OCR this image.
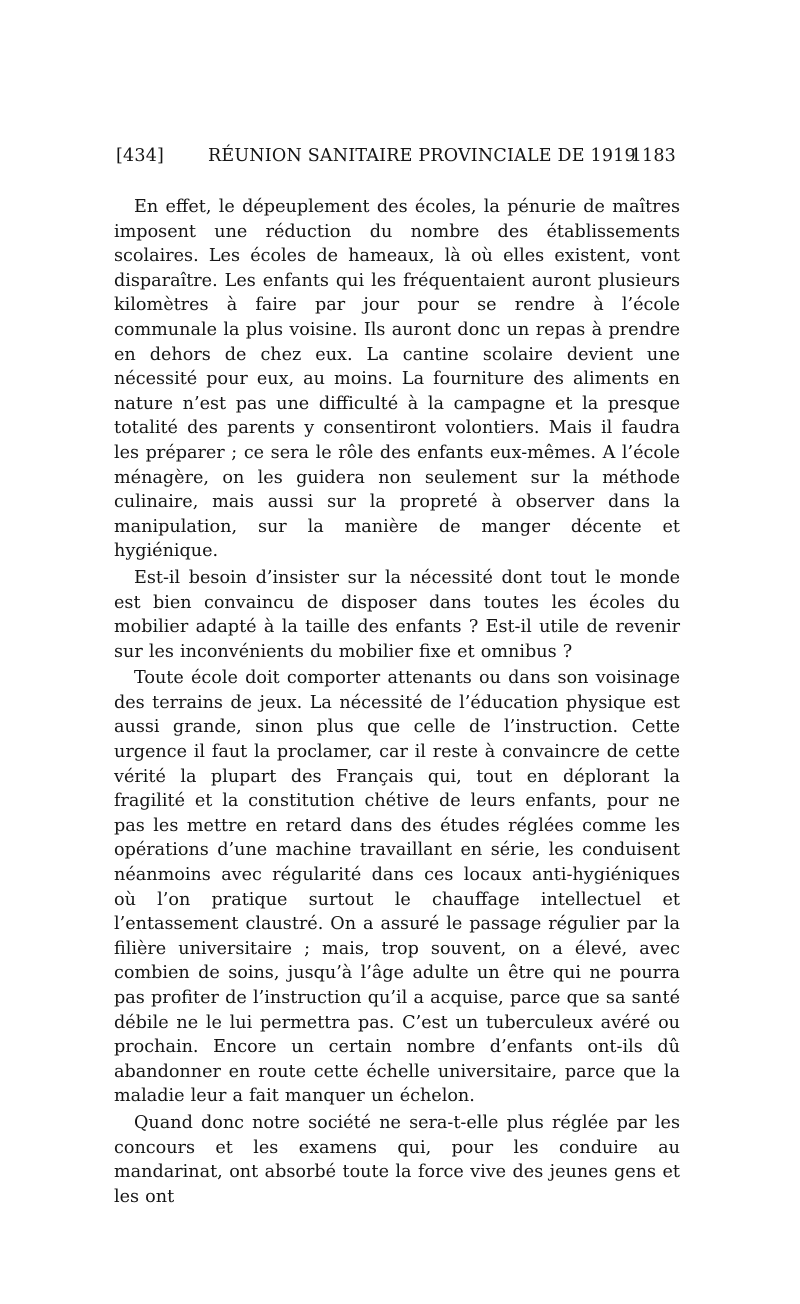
[434]	RÉUNION SANITAIRE PROVINCIALE DE 1919
1183

En effet, le dépeuplement des écoles, la pénurie de maîtres imposent une réduction du nombre des établissements scolaires. Les écoles de hameaux, là où elles existent, vont disparaître. Les enfants qui les fréquentaient auront plusieurs kilomètres à faire par jour pour se rendre à l’école communale la plus voisine. Ils auront donc un repas à prendre en dehors de chez eux. La cantine scolaire devient une nécessité pour eux, au moins. La fourniture des aliments en nature n’est pas une difficulté à la campagne et la presque totalité des parents y consentiront volontiers. Mais il faudra les préparer ; ce sera le rôle des enfants eux-mêmes. A l’école ménagère, on les guidera non seulement sur la méthode culinaire, mais aussi sur la propreté à observer dans la manipulation, sur la manière de manger décente et hygiénique.

Est-il besoin d’insister sur la nécessité dont tout le monde est bien convaincu de disposer dans toutes les écoles du mobilier adapté à la taille des enfants ? Est-il utile de revenir sur les inconvénients du mobilier fixe et omnibus ?

Toute école doit comporter attenants ou dans son voisinage des terrains de jeux. La nécessité de l’éducation physique est aussi grande, sinon plus que celle de l’instruction. Cette urgence il faut la proclamer, car il reste à convaincre de cette vérité la plupart des Français qui, tout en déplorant la fragilité et la constitution chétive de leurs enfants, pour ne pas les mettre en retard dans des études réglées comme les opérations d’une machine travaillant en série, les conduisent néanmoins avec régularité dans ces locaux anti-hygiéniques où l’on pratique surtout le chauffage intellectuel et l’entassement claustré. On a assuré le passage régulier par la filière universitaire ; mais, trop souvent, on a élevé, avec combien de soins, jusqu’à l’âge adulte un être qui ne pourra pas profiter de l’instruction qu’il a acquise, parce que sa santé débile ne le lui permettra pas. C’est un tuberculeux avéré ou prochain. Encore un certain nombre d’enfants ont-ils dû abandonner en route cette échelle universitaire, parce que la maladie leur a fait manquer un échelon.

Quand donc notre société ne sera-t-elle plus réglée par les concours et les examens qui, pour les conduire au mandarinat, ont absorbé toute la force vive des jeunes gens et les ont
